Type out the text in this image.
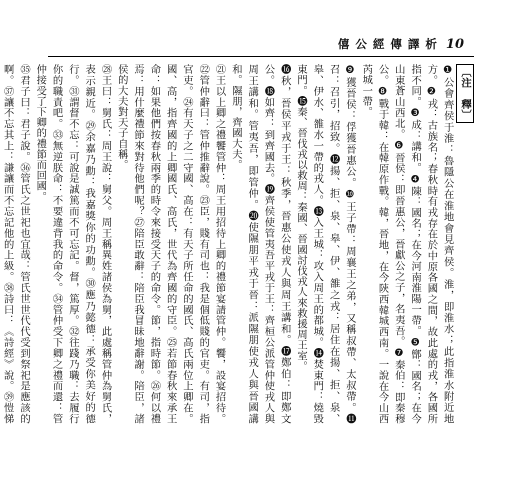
僖 公 經 傳 譯 析 10
〔注　釋〕
❶公會齊侯于淮：魯隱公在淮地會見齊侯。淮，即淮水；此指淮水附近地方。❷戎：古族名；春秋時有戎存在於中原各國之間，故此處的戎，各國所指不同。❸成：講和。❹陳：國名；在今河南淮陽一帶。❺鄫：國名；在今山東蒼山西北。❻晉侯：即晉惠公，晉獻公之子，名夷吾。❼秦伯：即秦穆公。❽戰于韓：在韓原作戰。韓，晉地，在今陝西韓城西南。一說在今山西芮城一帶。
❾獲晉侯：俘獲晉惠公。❿王子帶：周襄王之弟，又稱叔帶、太叔帶。⓫召：召引，招致。⓬揚、拒、泉、皋、伊、雒之戎：居住在揚、拒、泉、皋、伊水、雒水一帶的戎人。⓭入王城：攻入周王的都城。⓮焚東門：燒毀東門。⓯秦、晉伐戎以救周：秦國、晉國討伐戎人來救援周王室。
⓰秋，晉侯平戎于王：秋季，晉惠公使戎人與周王講和。⓱鄭伯：即鄭文公。⓲如齊：到齊國去。⓳齊侯使管夷吾平戎于王：齊桓公派管仲使戎人與周王講和。管夷吾，即管仲。⓴使隰朋平戎于晉：派隰朋使戎人與晉國講和。隰朋，齊國大夫。
㉑王以上卿之禮饗管仲：周王用招待上卿的禮節宴請管仲。饗，設宴招待。㉒管仲辭曰：管仲推辭說。㉓臣，賤有司也：我是個低賤的官吏。有司，指官吏。㉔有天子之二守國、高在：有天子所任命的國氏、高氏兩位上卿在。國、高，指齊國的上卿國氏、高氏，世代為齊國的守臣。㉕若節春秋來承王命：如果他們按春秋兩季的時令來接受天子的命令。節，指時節。㉖何以禮焉：用什麼禮節來對待他們呢？㉗陪臣敢辭：陪臣我冒昧地辭謝。陪臣，諸侯的大夫對天子自稱。
㉘王曰：舅氏：周王說：舅父。周王稱異姓諸侯為舅，此處稱管仲為舅氏，表示親近。㉙余嘉乃勳：我嘉獎你的功勳。㉚應乃懿德：承受你美好的德行。㉛謂督不忘：可說是誠篤而不可忘記。督，篤厚。㉜往踐乃職：去履行你的職責吧。㉝無逆朕命：不要違背我的命令。㉞管仲受下卿之禮而還：管仲接受了下卿的禮節而回國。
㉟君子曰：君子說。㊱管氏之世祀也宜哉：管氏世世代代受到祭祀是應該的啊。㊲讓不忘其上：謙讓而不忘記他的上級。㊳詩曰：《詩經》說。㊴愷悌
